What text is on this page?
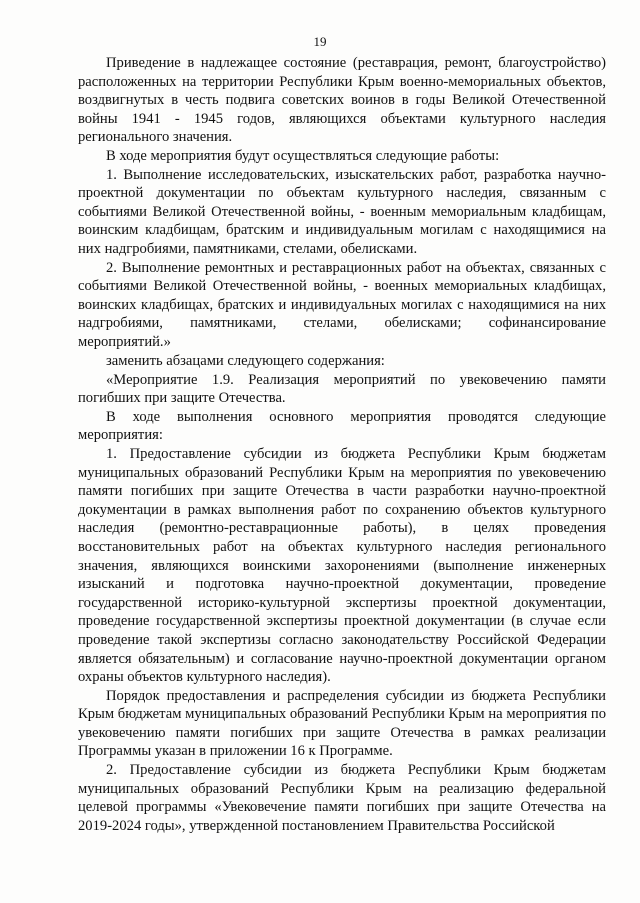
19

Приведение в надлежащее состояние (реставрация, ремонт, благоустройство) расположенных на территории Республики Крым военно-мемориальных объектов, воздвигнутых в честь подвига советских воинов в годы Великой Отечественной войны 1941 - 1945 годов, являющихся объектами культурного наследия регионального значения.

В ходе мероприятия будут осуществляться следующие работы:

1. Выполнение исследовательских, изыскательских работ, разработка научно-проектной документации по объектам культурного наследия, связанным с событиями Великой Отечественной войны, - военным мемориальным кладбищам, воинским кладбищам, братским и индивидуальным могилам с находящимися на них надгробиями, памятниками, стелами, обелисками.

2. Выполнение ремонтных и реставрационных работ на объектах, связанных с событиями Великой Отечественной войны, - военных мемориальных кладбищах, воинских кладбищах, братских и индивидуальных могилах с находящимися на них надгробиями, памятниками, стелами, обелисками; софинансирование мероприятий.»

заменить абзацами следующего содержания:

«Мероприятие 1.9. Реализация мероприятий по увековечению памяти погибших при защите Отечества.

В ходе выполнения основного мероприятия проводятся следующие мероприятия:

1. Предоставление субсидии из бюджета Республики Крым бюджетам муниципальных образований Республики Крым на мероприятия по увековечению памяти погибших при защите Отечества в части разработки научно-проектной документации в рамках выполнения работ по сохранению объектов культурного наследия (ремонтно-реставрационные работы), в целях проведения восстановительных работ на объектах культурного наследия регионального значения, являющихся воинскими захоронениями (выполнение инженерных изысканий и подготовка научно-проектной документации, проведение государственной историко-культурной экспертизы проектной документации, проведение государственной экспертизы проектной документации (в случае если проведение такой экспертизы согласно законодательству Российской Федерации является обязательным) и согласование научно-проектной документации органом охраны объектов культурного наследия).

Порядок предоставления и распределения субсидии из бюджета Республики Крым бюджетам муниципальных образований Республики Крым на мероприятия по увековечению памяти погибших при защите Отечества в рамках реализации Программы указан в приложении 16 к Программе.

2. Предоставление субсидии из бюджета Республики Крым бюджетам муниципальных образований Республики Крым на реализацию федеральной целевой программы «Увековечение памяти погибших при защите Отечества на 2019-2024 годы», утвержденной постановлением Правительства Российской
